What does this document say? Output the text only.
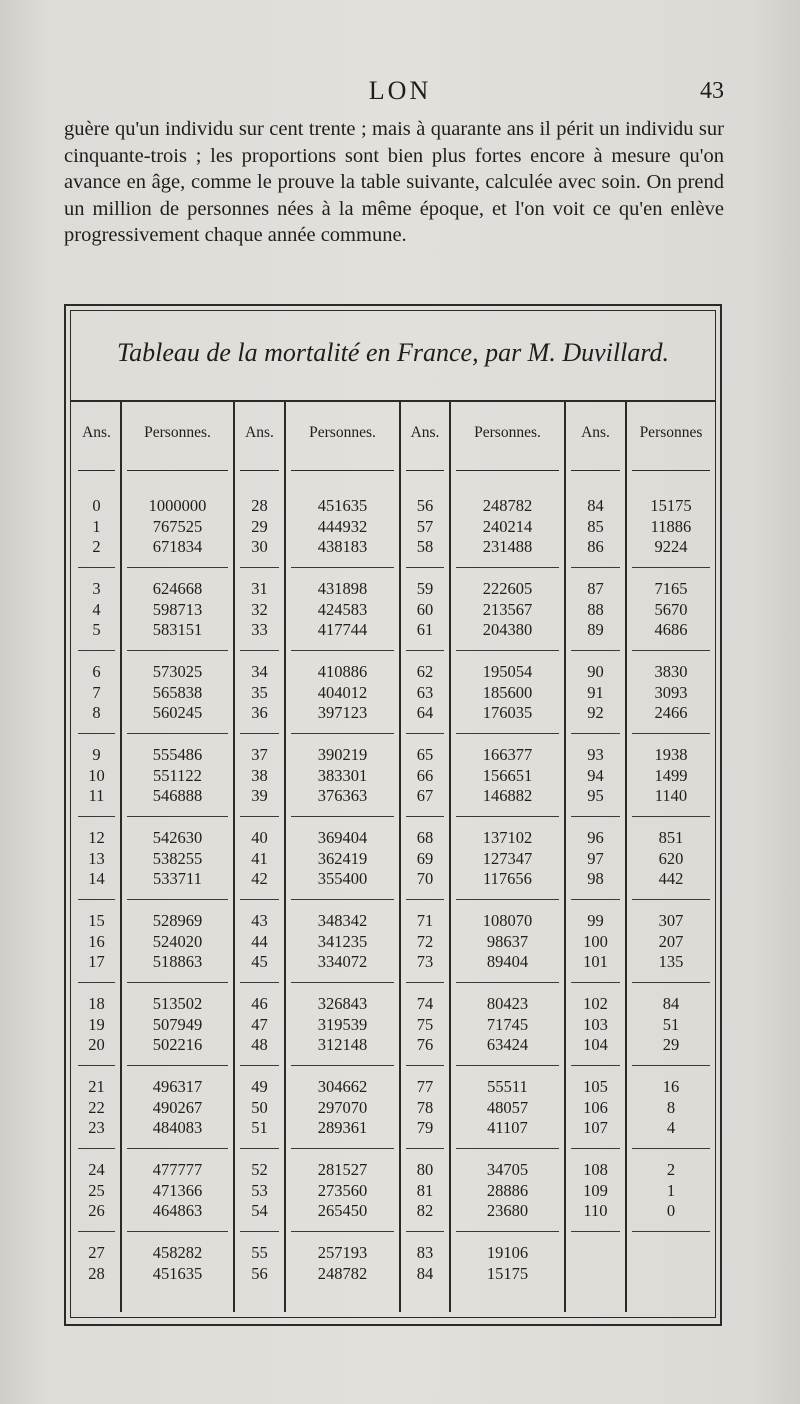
LON	43
guère qu'un individu sur cent trente ; mais à quarante ans il périt un individu sur cinquante-trois ; les proportions sont bien plus fortes encore à mesure qu'on avance en âge, comme le prouve la table suivante, calculée avec soin. On prend un million de personnes nées à la même époque, et l'on voit ce qu'en enlève progressivement chaque année commune.
Tableau de la mortalité en France, par M. Duvillard.
Ans.	Personnes.	Ans.	Personnes.	Ans.	Personnes.	Ans.	Personnes
0	1000000	28	451635	56	248782	84	15175
1	767525	29	444932	57	240214	85	11886
2	671834	30	438183	58	231488	86	9224
3	624668	31	431898	59	222605	87	7165
4	598713	32	424583	60	213567	88	5670
5	583151	33	417744	61	204380	89	4686
6	573025	34	410886	62	195054	90	3830
7	565838	35	404012	63	185600	91	3093
8	560245	36	397123	64	176035	92	2466
9	555486	37	390219	65	166377	93	1938
10	551122	38	383301	66	156651	94	1499
11	546888	39	376363	67	146882	95	1140
12	542630	40	369404	68	137102	96	851
13	538255	41	362419	69	127347	97	620
14	533711	42	355400	70	117656	98	442
15	528969	43	348342	71	108070	99	307
16	524020	44	341235	72	98637	100	207
17	518863	45	334072	73	89404	101	135
18	513502	46	326843	74	80423	102	84
19	507949	47	319539	75	71745	103	51
20	502216	48	312148	76	63424	104	29
21	496317	49	304662	77	55511	105	16
22	490267	50	297070	78	48057	106	8
23	484083	51	289361	79	41107	107	4
24	477777	52	281527	80	34705	108	2
25	471366	53	273560	81	28886	109	1
26	464863	54	265450	82	23680	110	0
27	458282	55	257193	83	19106
28	451635	56	248782	84	15175
